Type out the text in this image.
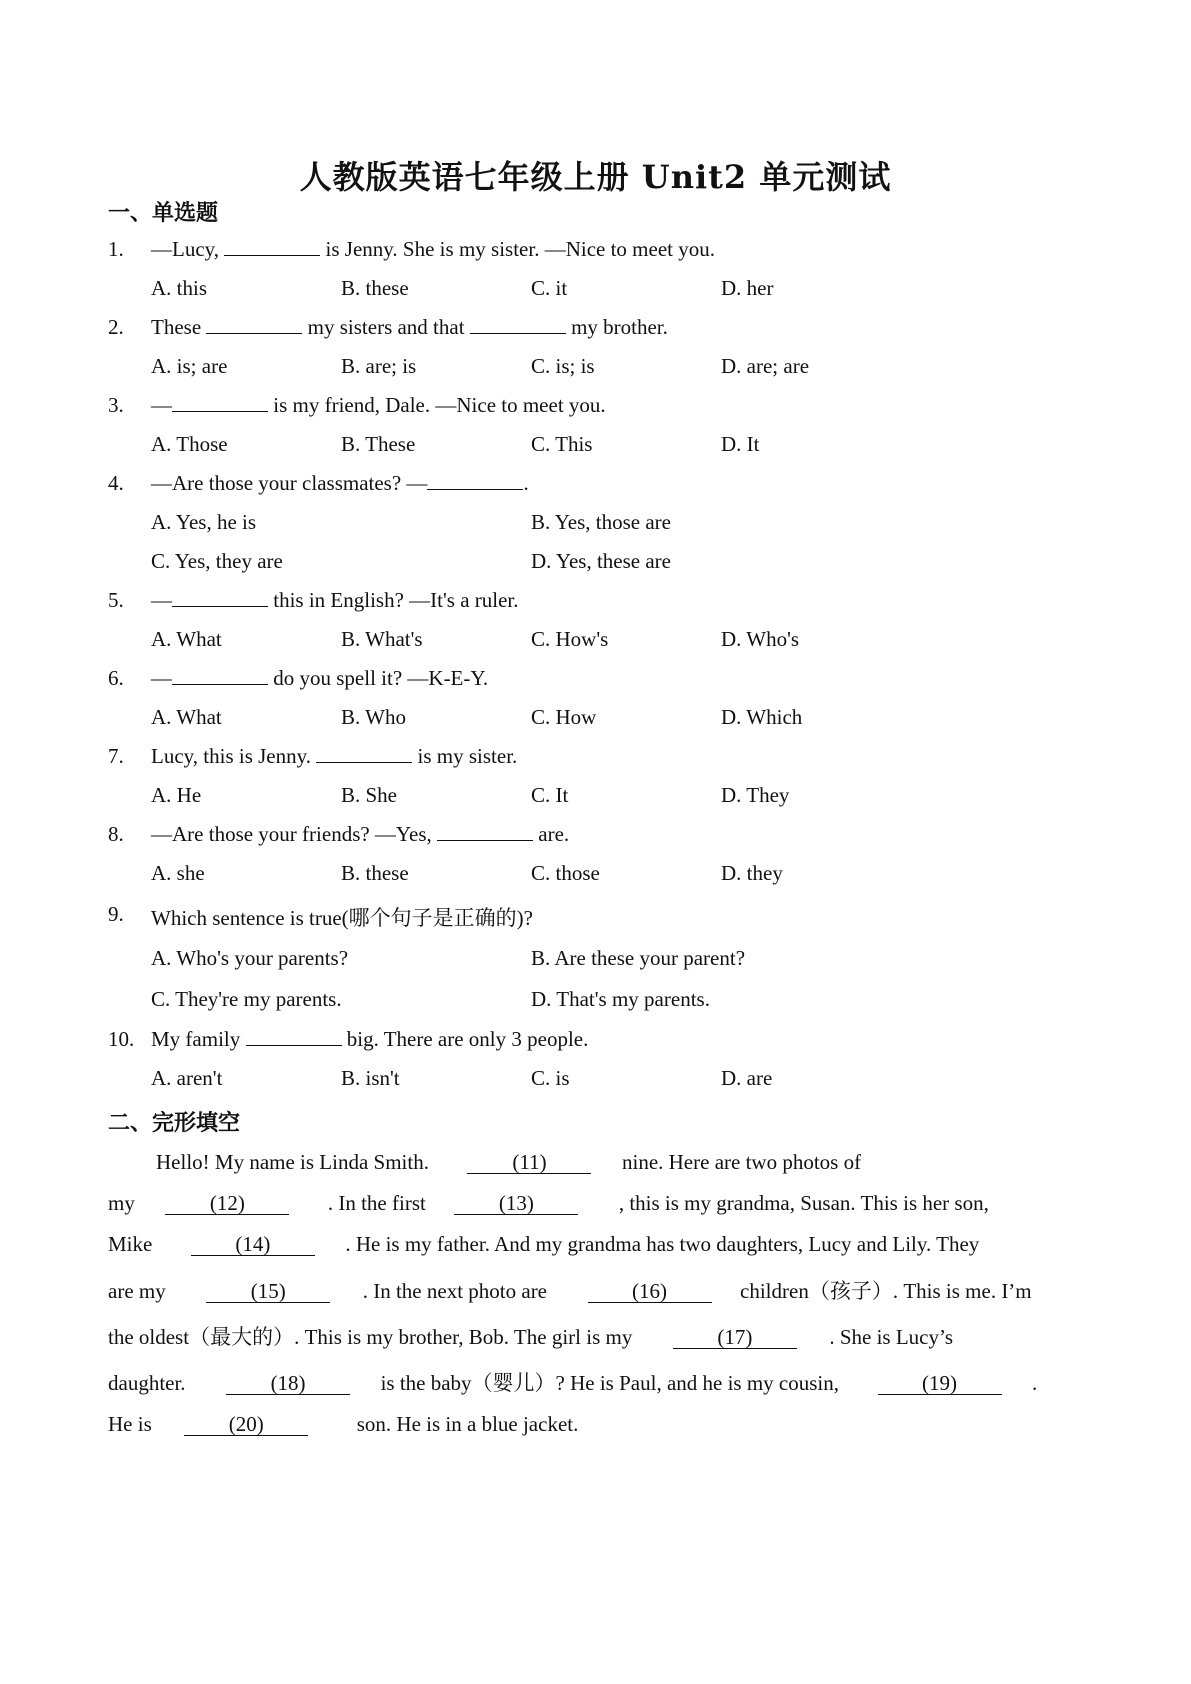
人教版英语七年级上册 Unit2 单元测试
一、单选题
1. —Lucy,	is Jenny. She is my sister. —Nice to meet you.
A. this	B. these	C. it	D. her
2. These	my sisters and that	my brother.
A. is; are	B. are; is	C. is; is	D. are; are
3. —	is my friend, Dale. —Nice to meet you.
A. Those	B. These	C. This	D. It
4. —Are those your classmates? —	.
A. Yes, he is	B. Yes, those are
C. Yes, they are	D. Yes, these are
5. —	this in English? —It's a ruler.
A. What	B. What's	C. How's	D. Who's
6. —	do you spell it? —K-E-Y.
A. What	B. Who	C. How	D. Which
7. Lucy, this is Jenny.	is my sister.
A. He	B. She	C. It	D. They
8. —Are those your friends? —Yes,	are.
A. she	B. these	C. those	D. they
9. Which sentence is true(哪个句子是正确的)?
A. Who's your parents?	B. Are these your parent?
C. They're my parents.	D. That's my parents.
10. My family	big. There are only 3 people.
A. aren't	B. isn't	C. is	D. are
二、完形填空
Hello! My name is Linda Smith.	(11)	nine. Here are two photos of
my	(12)	. In the first	(13)	, this is my grandma, Susan. This is her son,
Mike	(14)	. He is my father. And my grandma has two daughters, Lucy and Lily. They
are my	(15)	. In the next photo are	(16)	children（孩子）. This is me. I’m
the oldest（最大的）. This is my brother, Bob. The girl is my	(17)	. She is Lucy’s
daughter.	(18)	is the baby（婴儿）? He is Paul, and he is my cousin,	(19)	.
He is	(20)	son. He is in a blue jacket.
